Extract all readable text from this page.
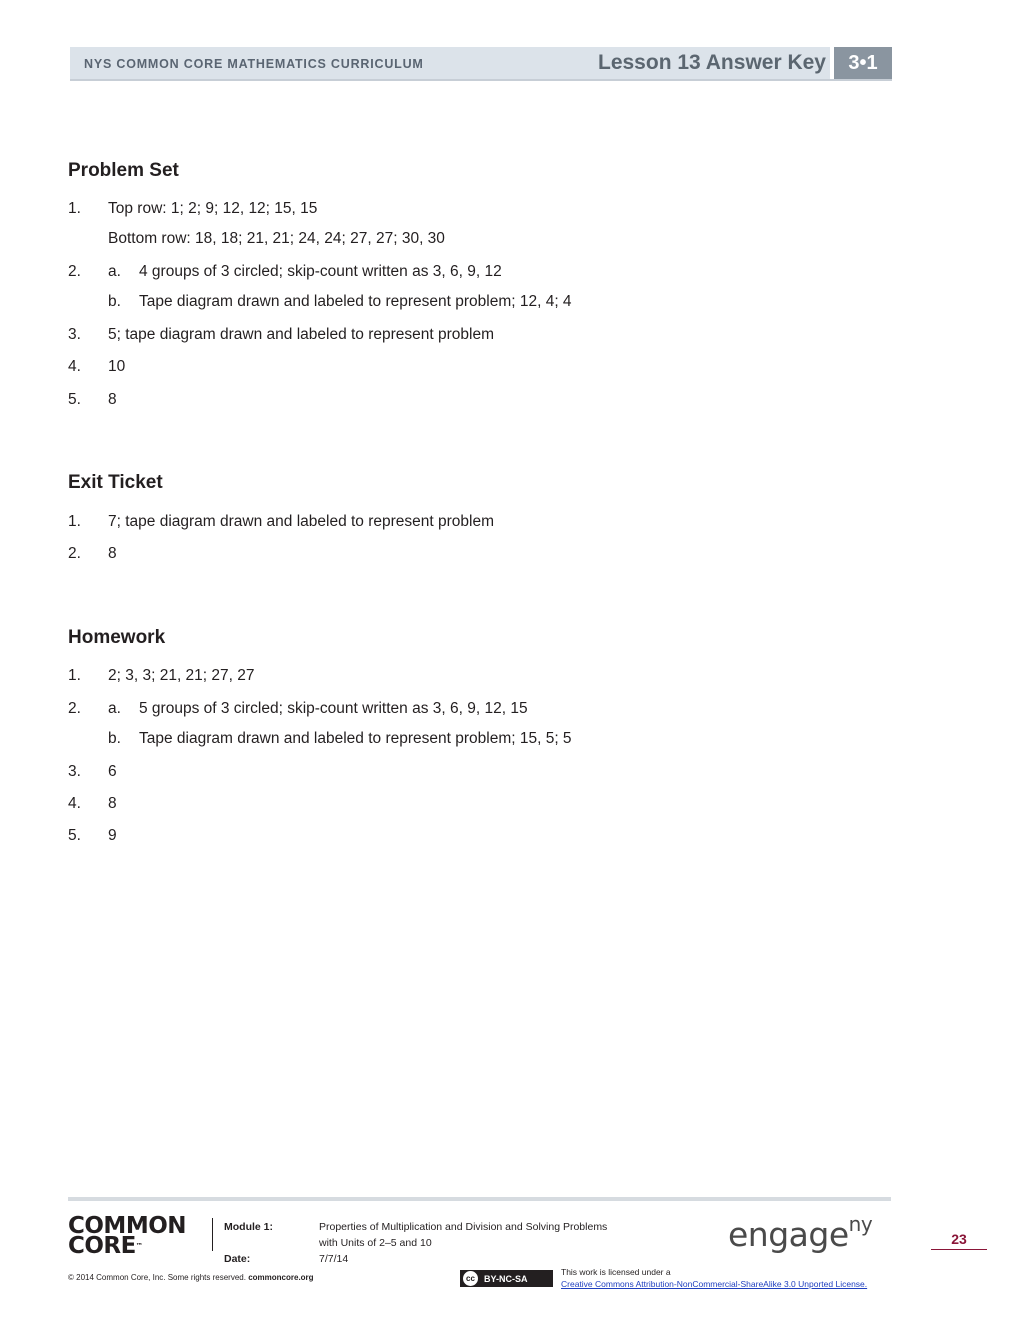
NYS COMMON CORE MATHEMATICS CURRICULUM	Lesson 13 Answer Key	3•1
Problem Set
1. Top row: 1; 2; 9; 12, 12; 15, 15
Bottom row: 18, 18; 21, 21; 24, 24; 27, 27; 30, 30
2. a. 4 groups of 3 circled; skip-count written as 3, 6, 9, 12
b. Tape diagram drawn and labeled to represent problem; 12, 4; 4
3. 5; tape diagram drawn and labeled to represent problem
4. 10
5. 8
Exit Ticket
1. 7; tape diagram drawn and labeled to represent problem
2. 8
Homework
1. 2; 3, 3; 21, 21; 27, 27
2. a. 5 groups of 3 circled; skip-count written as 3, 6, 9, 12, 15
b. Tape diagram drawn and labeled to represent problem; 15, 5; 5
3. 6
4. 8
5. 9
COMMON
CORE™
Module 1:	Properties of Multiplication and Division and Solving Problems
with Units of 2–5 and 10
Date:	7/7/14
© 2014 Common Core, Inc. Some rights reserved. commoncore.org
engage$^{ny}$
23
cc	BY-NC-SA
This work is licensed under a
Creative Commons Attribution-NonCommercial-ShareAlike 3.0 Unported License.
